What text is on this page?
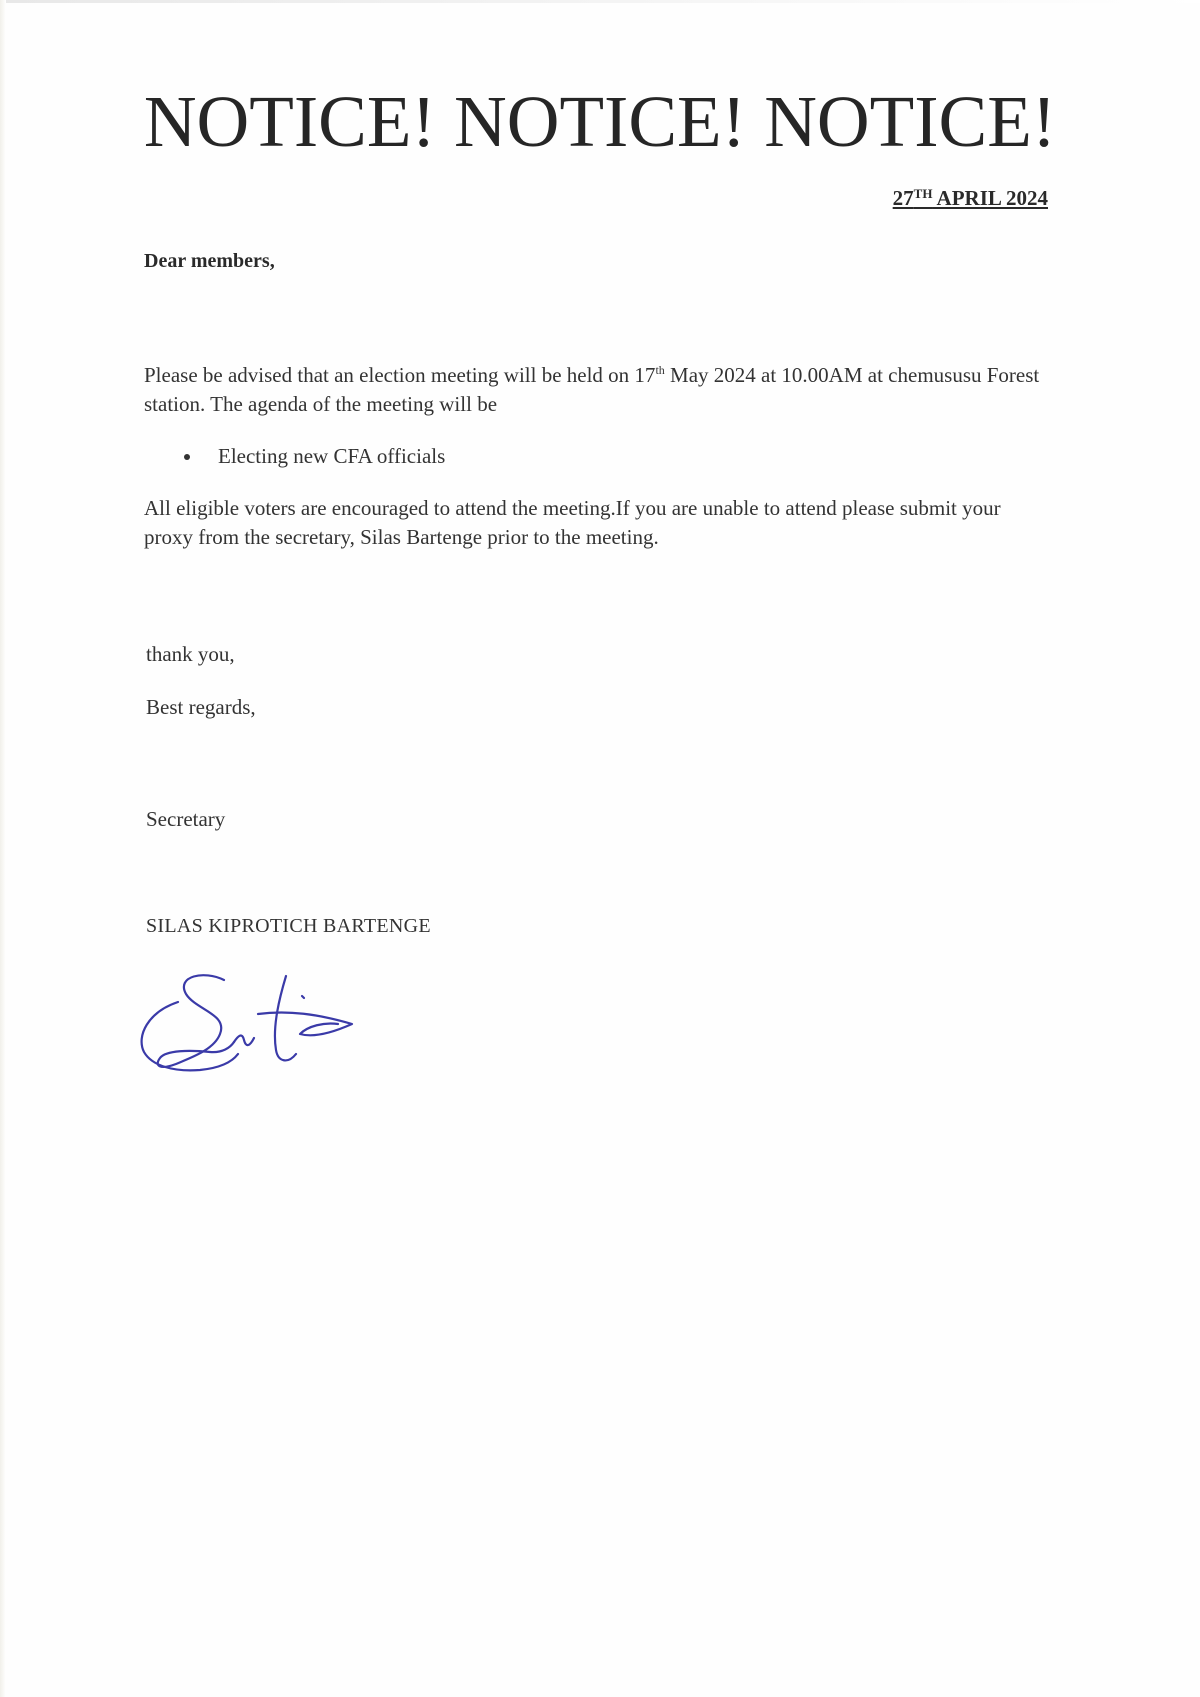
NOTICE! NOTICE! NOTICE!
27TH APRIL 2024
Dear members,
Please be advised that an election meeting will be held on 17th May 2024 at 10.00AM at chemususu Forest station. The agenda of the meeting will be
Electing new CFA officials
All eligible voters are encouraged to attend the meeting.If you are unable to attend please submit your proxy from the secretary, Silas Bartenge prior to the meeting.
thank you,
Best regards,
Secretary
SILAS KIPROTICH BARTENGE
